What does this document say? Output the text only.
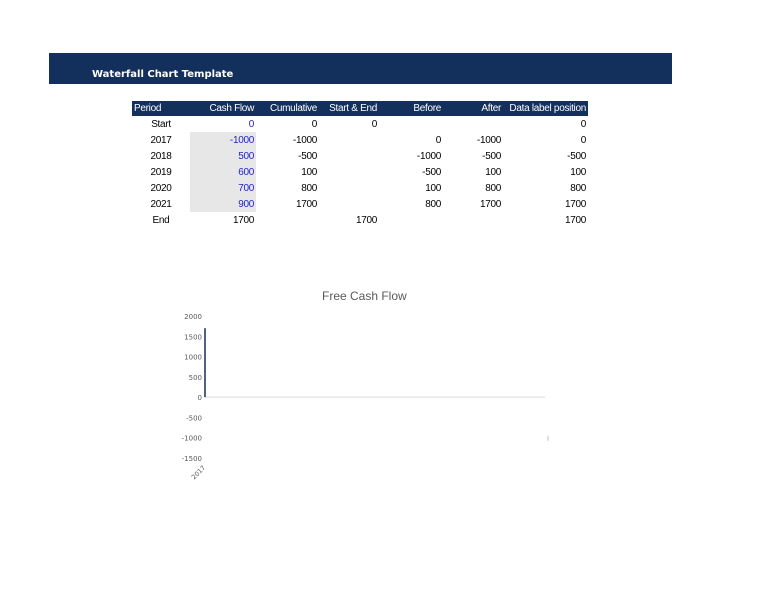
Waterfall Chart Template
Period	Cash Flow	Cumulative	Start & End	Before	After	Data label position
Start	0	0	0			0
2017	-1000	-1000		0	-1000	0
2018	500	-500		-1000	-500	-500
2019	600	100		-500	100	100
2020	700	800		100	800	800
2021	900	1700		800	1700	1700
End	1700		1700			1700
Free Cash Flow
2000
1500
1000
500
0
-500
-1000
-1500
2017
